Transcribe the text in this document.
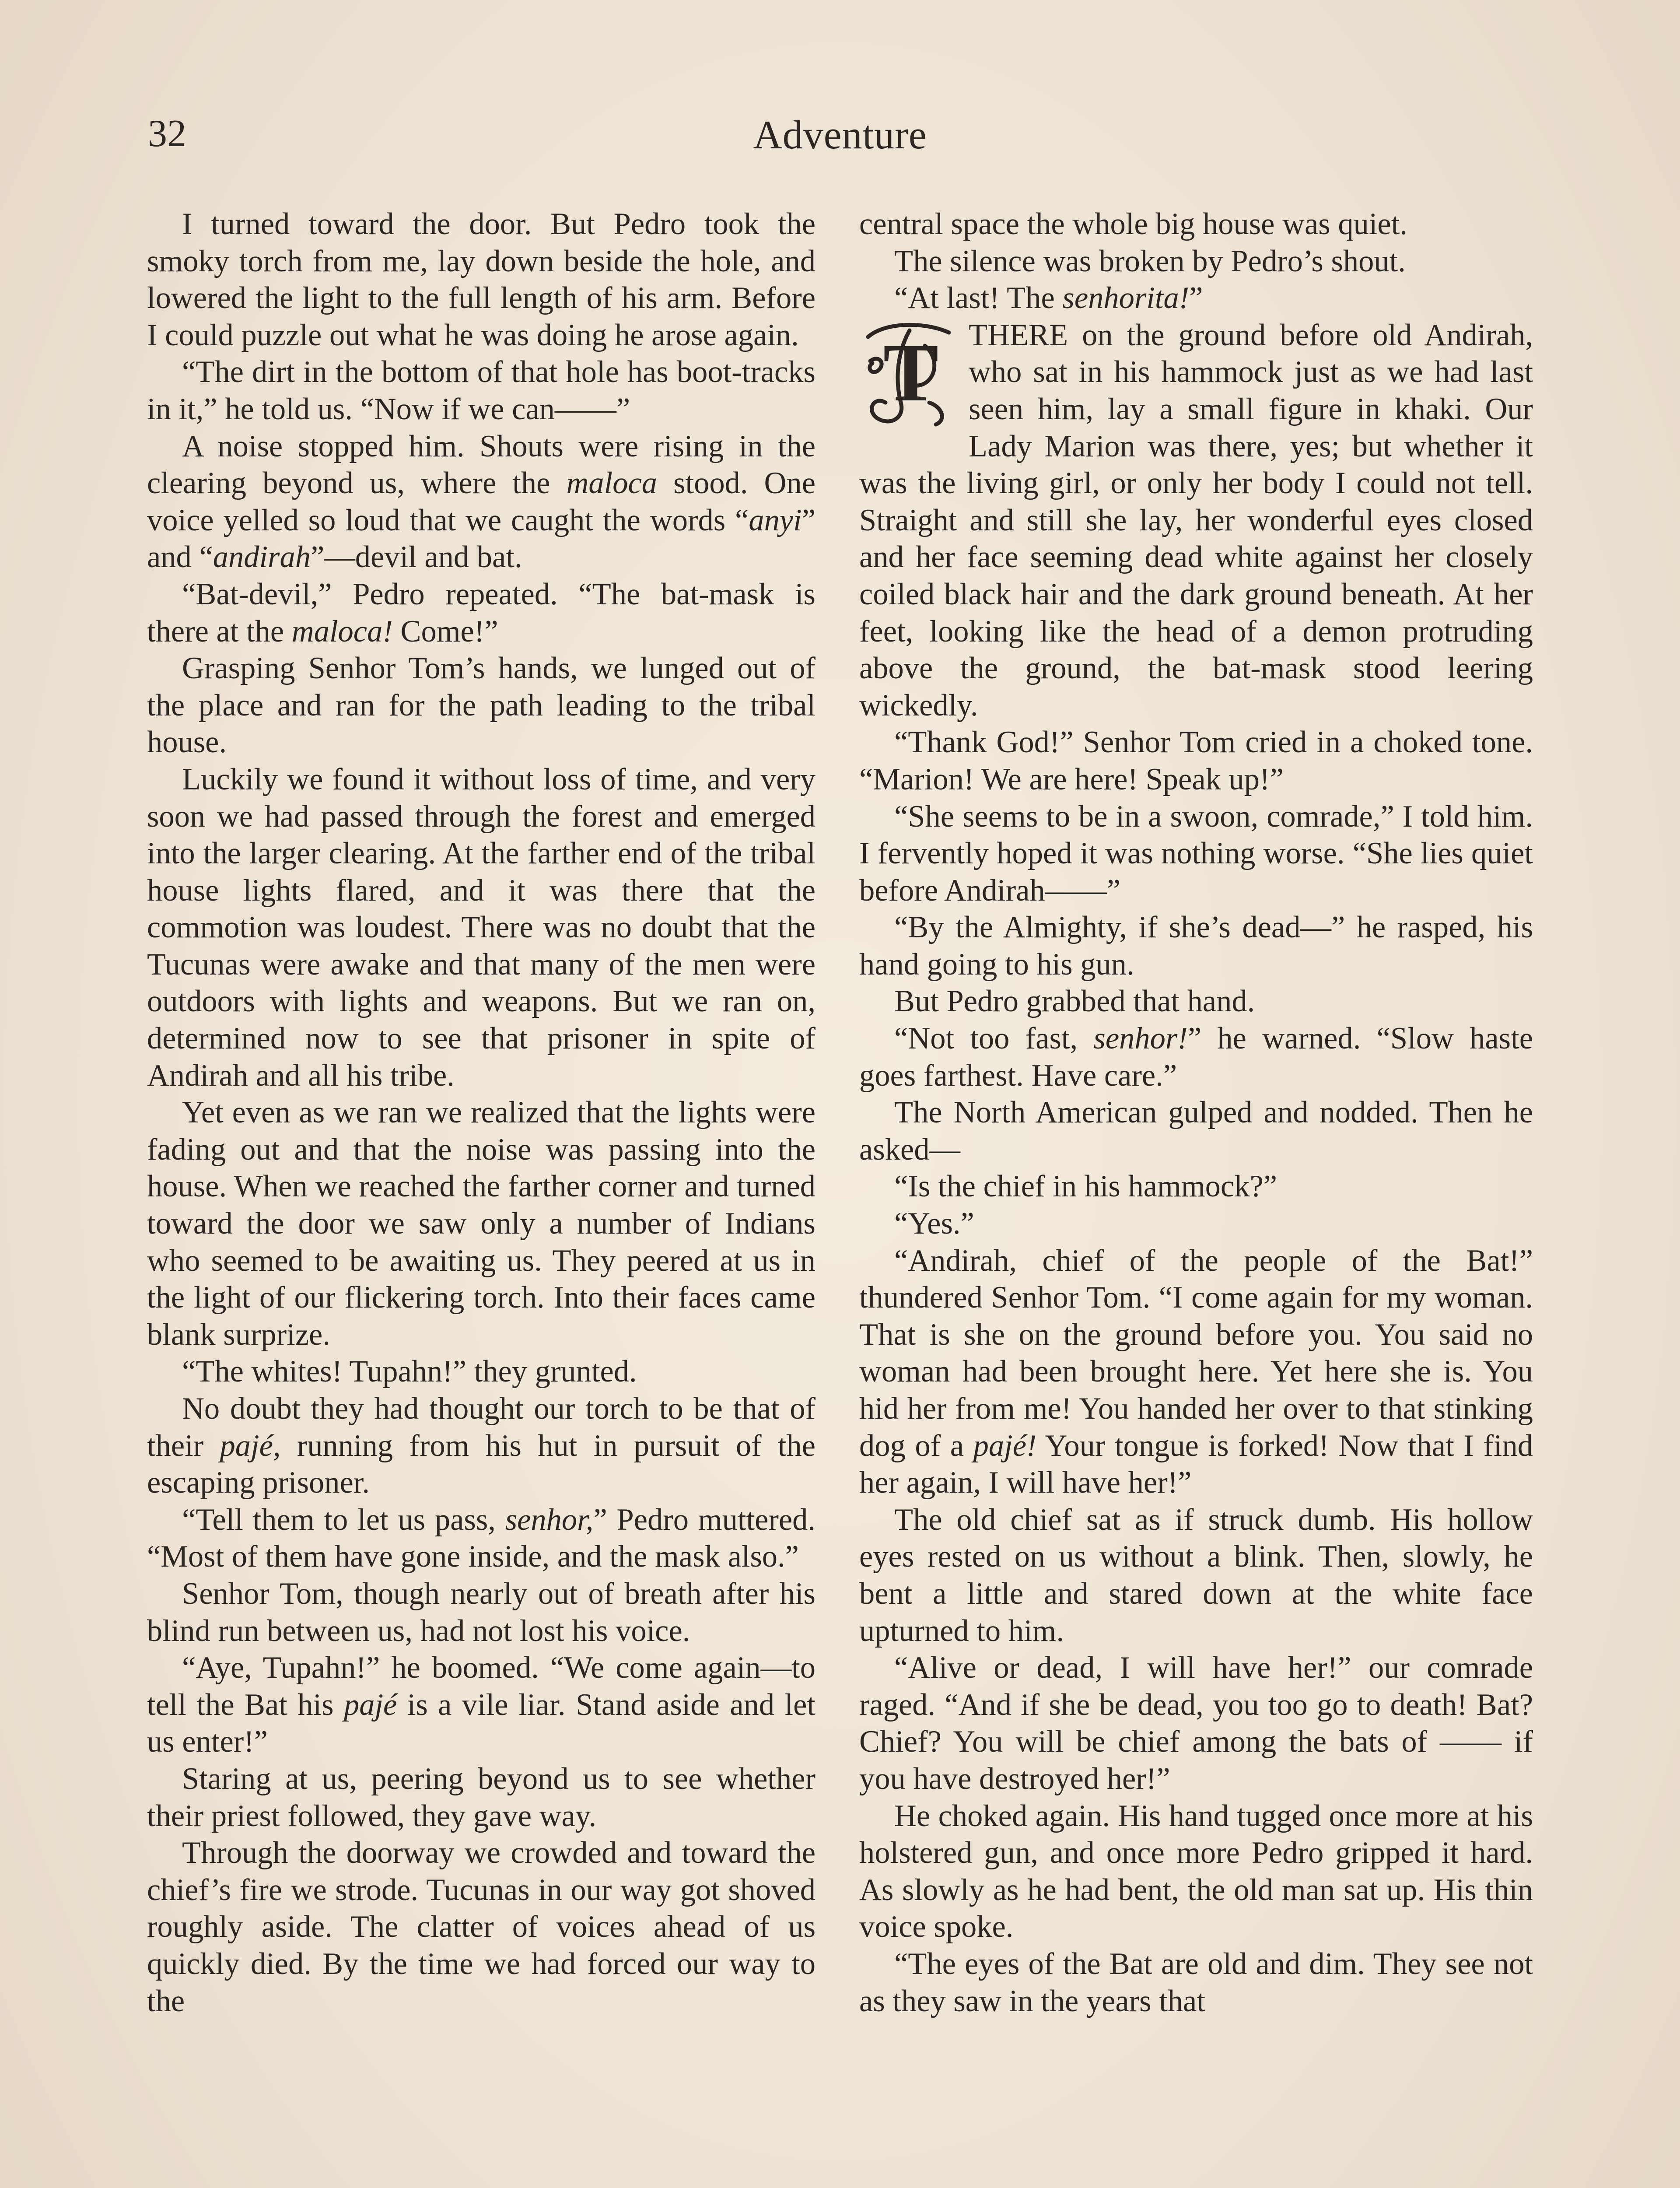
32	Adventure

I turned toward the door. But Pedro took the smoky torch from me, lay down beside the hole, and lowered the light to the full length of his arm. Before I could puzzle out what he was doing he arose again.

“The dirt in the bottom of that hole has boot-tracks in it,” he told us. “Now if we can——”

A noise stopped him. Shouts were rising in the clearing beyond us, where the maloca stood. One voice yelled so loud that we caught the words “anyi” and “andirah”—devil and bat.

“Bat-devil,” Pedro repeated. “The bat-mask is there at the maloca! Come!”

Grasping Senhor Tom’s hands, we lunged out of the place and ran for the path leading to the tribal house.

Luckily we found it without loss of time, and very soon we had passed through the forest and emerged into the larger clearing. At the farther end of the tribal house lights flared, and it was there that the commotion was loudest. There was no doubt that the Tucunas were awake and that many of the men were outdoors with lights and weapons. But we ran on, determined now to see that prisoner in spite of Andirah and all his tribe.

Yet even as we ran we realized that the lights were fading out and that the noise was passing into the house. When we reached the farther corner and turned toward the door we saw only a number of Indians who seemed to be awaiting us. They peered at us in the light of our flickering torch. Into their faces came blank surprize.

“The whites! Tupahn!” they grunted.

No doubt they had thought our torch to be that of their pajé, running from his hut in pursuit of the escaping prisoner.

“Tell them to let us pass, senhor,” Pedro muttered. “Most of them have gone inside, and the mask also.”

Senhor Tom, though nearly out of breath after his blind run between us, had not lost his voice.

“Aye, Tupahn!” he boomed. “We come again—to tell the Bat his pajé is a vile liar. Stand aside and let us enter!”

Staring at us, peering beyond us to see whether their priest followed, they gave way.

Through the doorway we crowded and toward the chief’s fire we strode. Tucunas in our way got shoved roughly aside. The clatter of voices ahead of us quickly died. By the time we had forced our way to the

central space the whole big house was quiet.

The silence was broken by Pedro’s shout.

“At last! The senhorita!”

T THERE on the ground before old Andirah, who sat in his hammock just as we had last seen him, lay a small figure in khaki. Our Lady Marion was there, yes; but whether it was the living girl, or only her body I could not tell. Straight and still she lay, her wonderful eyes closed and her face seeming dead white against her closely coiled black hair and the dark ground beneath. At her feet, looking like the head of a demon protruding above the ground, the bat-mask stood leering wickedly.

“Thank God!” Senhor Tom cried in a choked tone. “Marion! We are here! Speak up!”

“She seems to be in a swoon, comrade,” I told him. I fervently hoped it was nothing worse. “She lies quiet before Andirah——”

“By the Almighty, if she’s dead—” he rasped, his hand going to his gun.

But Pedro grabbed that hand.

“Not too fast, senhor!” he warned. “Slow haste goes farthest. Have care.”

The North American gulped and nodded. Then he asked—

“Is the chief in his hammock?”

“Yes.”

“Andirah, chief of the people of the Bat!” thundered Senhor Tom. “I come again for my woman. That is she on the ground before you. You said no woman had been brought here. Yet here she is. You hid her from me! You handed her over to that stinking dog of a pajé! Your tongue is forked! Now that I find her again, I will have her!”

The old chief sat as if struck dumb. His hollow eyes rested on us without a blink. Then, slowly, he bent a little and stared down at the white face upturned to him.

“Alive or dead, I will have her!” our comrade raged. “And if she be dead, you too go to death! Bat? Chief? You will be chief among the bats of —— if you have destroyed her!”

He choked again. His hand tugged once more at his holstered gun, and once more Pedro gripped it hard. As slowly as he had bent, the old man sat up. His thin voice spoke.

“The eyes of the Bat are old and dim. They see not as they saw in the years that
